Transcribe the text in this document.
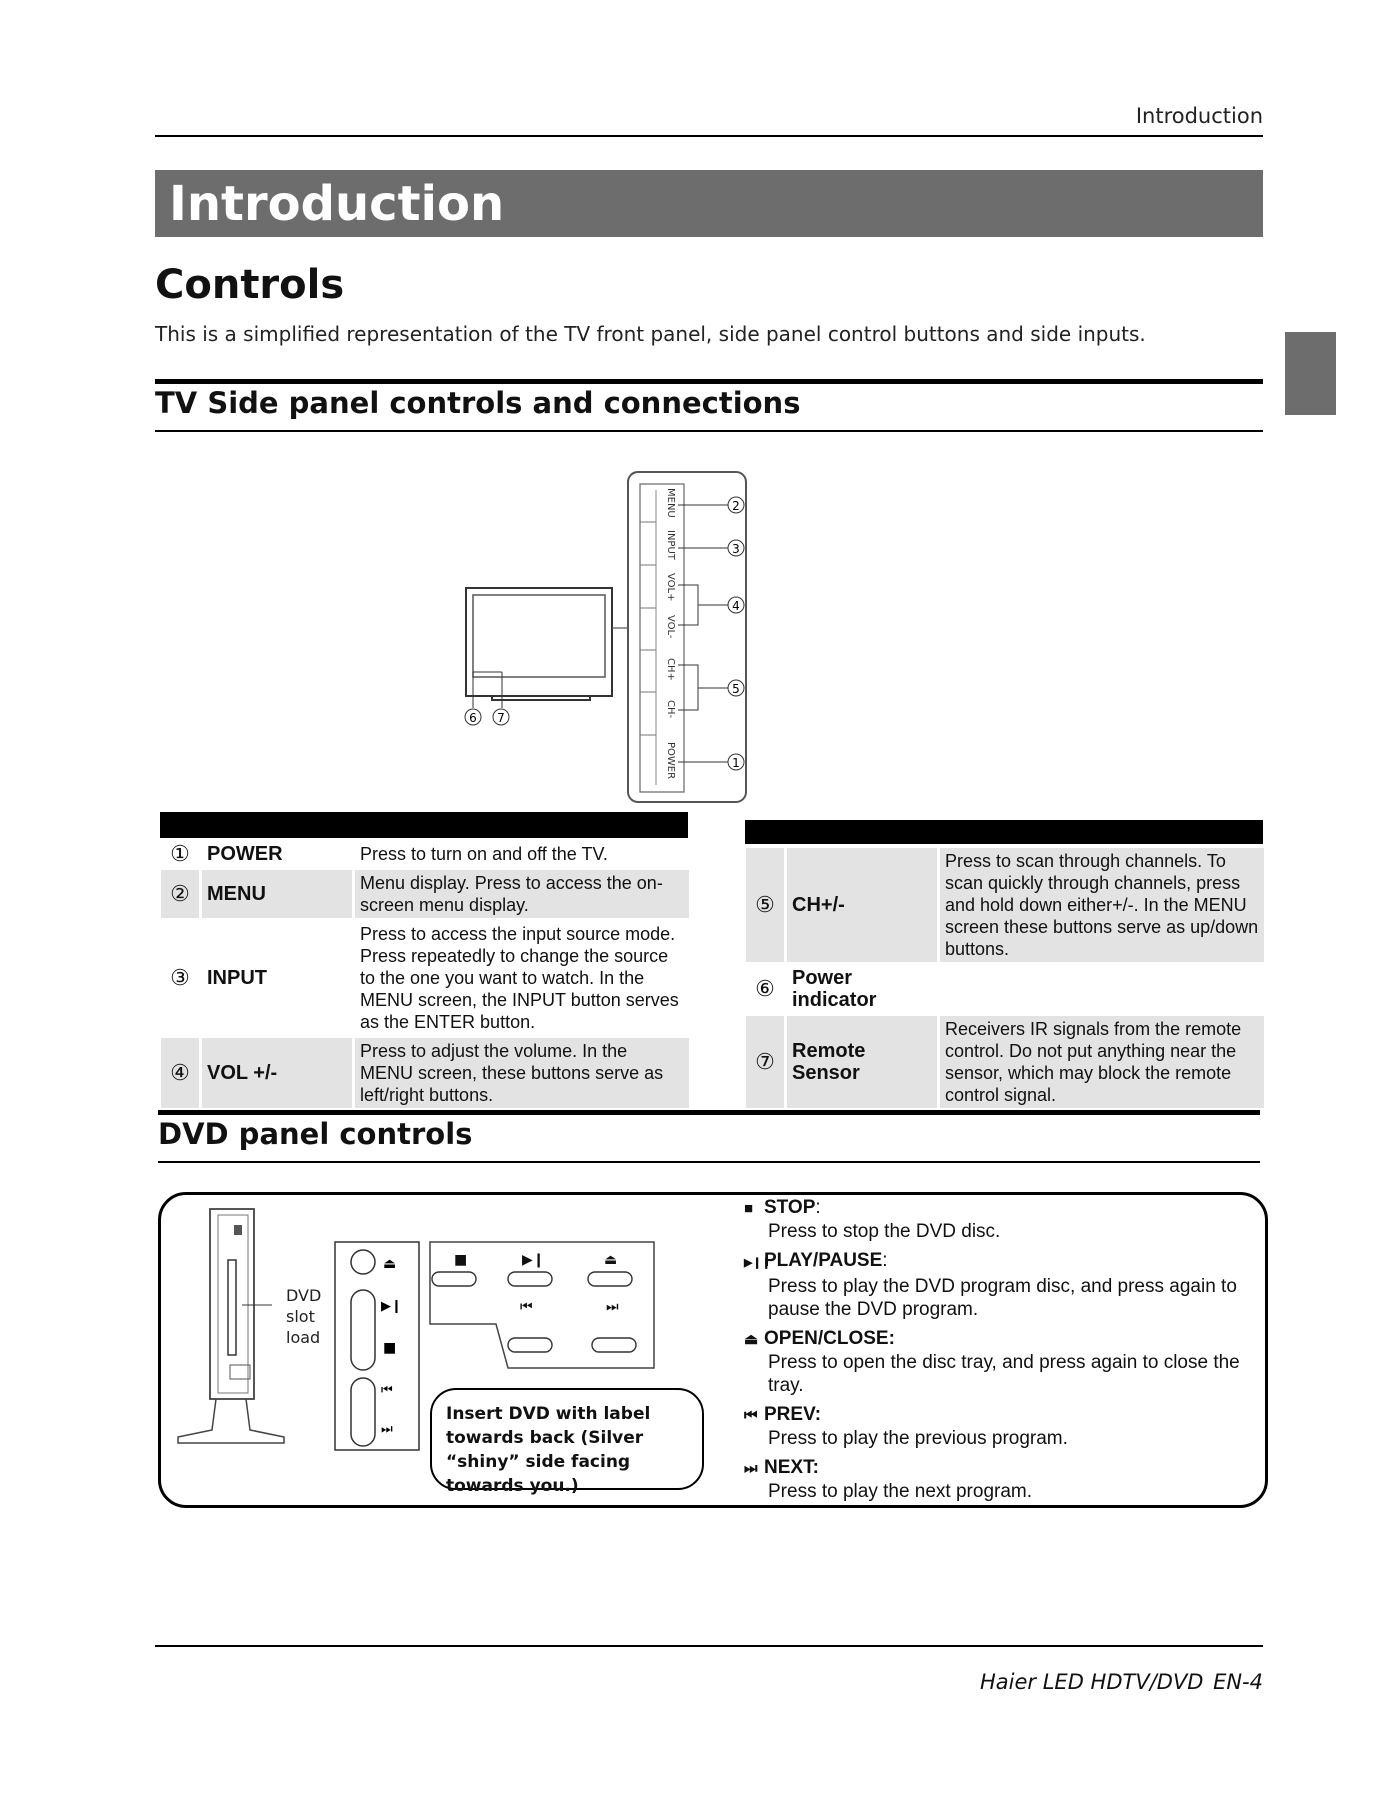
Introduction
Introduction
Controls
This is a simplified representation of the TV front panel, side panel control buttons and side inputs.
TV Side panel controls and connections
6 7
MENU
INPUT
VOL+
VOL-
CH+
CH-
POWER
2
3
4
5
1
①	POWER	Press to turn on and off the TV.
②	MENU	Menu display. Press to access the on-screen menu display.
③	INPUT	Press to access the input source mode. Press repeatedly to change the source to the one you want to watch. In the MENU screen, the INPUT button serves as the ENTER button.
④	VOL +/-	Press to adjust the volume. In the MENU screen, these buttons serve as left/right buttons.
⑤	CH+/-	Press to scan through channels. To scan quickly through channels, press and hold down either+/-. In the MENU screen these buttons serve as up/down buttons.
⑥	Power indicator	
⑦	Remote Sensor	Receivers IR signals from the remote control. Do not put anything near the sensor, which may block the remote control signal.
DVD panel controls
DVD slot load
⏏
▶❙
■
⏮
⏭
■	▶❙	⏏
⏮	⏭
Insert DVD with label towards back (Silver “shiny” side facing towards you.)
■ STOP:
Press to stop the DVD disc.
▶❙❙PLAY/PAUSE:
Press to play the DVD program disc, and press again to pause the DVD program.
⏏ OPEN/CLOSE:
Press to open the disc tray, and press again to close the tray.
⏮ PREV:
Press to play the previous program.
⏭ NEXT:
Press to play the next program.
Haier LED HDTV/DVD EN-4
